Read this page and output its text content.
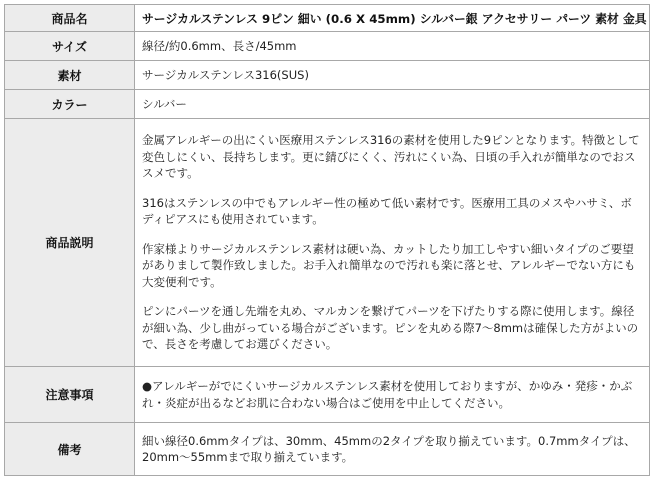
商品名	サージカルステンレス 9ピン 細い (0.6 X 45mm) シルバー銀 アクセサリー パーツ 素材 金具
サイズ	線径/約0.6mm、長さ/45mm
素材	サージカルステンレス316(SUS)
カラー	シルバー
商品説明	金属アレルギーの出にくい医療用ステンレス316の素材を使用した9ピンとなります。特徴として変色しにくい、長持ちします。更に錆びにくく、汚れにくい為、日頃の手入れが簡単なのでおススメです。

316はステンレスの中でもアレルギー性の極めて低い素材です。医療用工具のメスやハサミ、ボディピアスにも使用されています。

作家様よりサージカルステンレス素材は硬い為、カットしたり加工しやすい細いタイプのご要望がありまして製作致しました。お手入れ簡単なので汚れも楽に落とせ、アレルギーでない方にも大変便利です。

ピンにパーツを通し先端を丸め、マルカンを繋げてパーツを下げたりする際に使用します。線径が細い為、少し曲がっている場合がございます。ピンを丸める際7～8mmは確保した方がよいので、長さを考慮してお選びください。

注意事項	●アレルギーがでにくいサージカルステンレス素材を使用しておりますが、かゆみ・発疹・かぶれ・炎症が出るなどお肌に合わない場合はご使用を中止してください。

備考	細い線径0.6mmタイプは、30mm、45mmの2タイプを取り揃えています。0.7mmタイプは、20mm～55mmまで取り揃えています。
